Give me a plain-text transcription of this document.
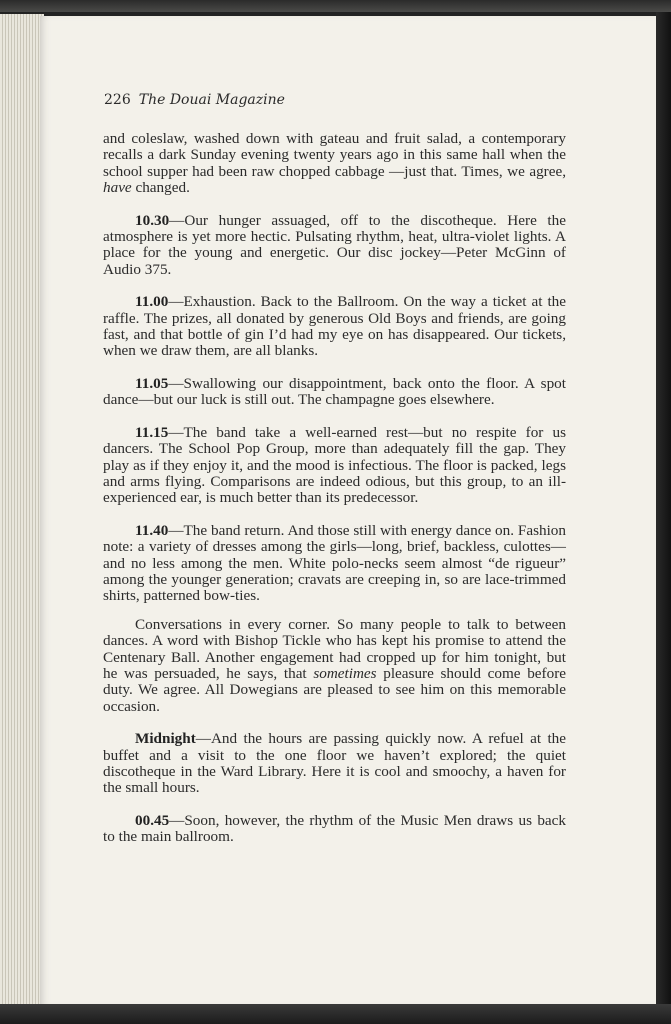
226 The Douai Magazine

and coleslaw, washed down with gateau and fruit salad, a contemporary recalls a dark Sunday evening twenty years ago in this same hall when the school supper had been raw chopped cabbage —just that. Times, we agree, have changed.

10.30—Our hunger assuaged, off to the discotheque. Here the atmosphere is yet more hectic. Pulsating rhythm, heat, ultra-violet lights. A place for the young and energetic. Our disc jockey—Peter McGinn of Audio 375.

11.00—Exhaustion. Back to the Ballroom. On the way a ticket at the raffle. The prizes, all donated by generous Old Boys and friends, are going fast, and that bottle of gin I’d had my eye on has disappeared. Our tickets, when we draw them, are all blanks.

11.05—Swallowing our disappointment, back onto the floor. A spot dance—but our luck is still out. The champagne goes elsewhere.

11.15—The band take a well-earned rest—but no respite for us dancers. The School Pop Group, more than adequately fill the gap. They play as if they enjoy it, and the mood is infectious. The floor is packed, legs and arms flying. Comparisons are indeed odious, but this group, to an ill-experienced ear, is much better than its predecessor.

11.40—The band return. And those still with energy dance on. Fashion note: a variety of dresses among the girls—long, brief, backless, culottes—and no less among the men. White polo-necks seem almost “de rigueur” among the younger generation; cravats are creeping in, so are lace-trimmed shirts, patterned bow-ties.

Conversations in every corner. So many people to talk to between dances. A word with Bishop Tickle who has kept his promise to attend the Centenary Ball. Another engagement had cropped up for him tonight, but he was persuaded, he says, that sometimes pleasure should come before duty. We agree. All Dowegians are pleased to see him on this memorable occasion.

Midnight—And the hours are passing quickly now. A refuel at the buffet and a visit to the one floor we haven’t explored; the quiet discotheque in the Ward Library. Here it is cool and smoochy, a haven for the small hours.

00.45—Soon, however, the rhythm of the Music Men draws us back to the main ballroom.
